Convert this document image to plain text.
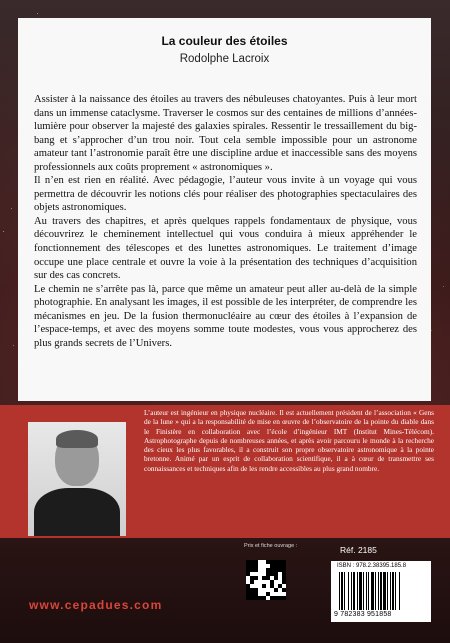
La couleur des étoiles
Rodolphe Lacroix

Assister à la naissance des étoiles au travers des nébuleuses chatoyantes. Puis à leur mort dans un immense cataclysme. Traverser le cosmos sur des centaines de millions d’années-lumière pour observer la majesté des galaxies spirales. Ressentir le tressaillement du big-bang et s’approcher d’un trou noir. Tout cela semble impossible pour un astronome amateur tant l’astronomie paraît être une discipline ardue et inaccessible sans des moyens professionnels aux coûts proprement « astronomiques ».

Il n’en est rien en réalité. Avec pédagogie, l’auteur vous invite à un voyage qui vous permettra de découvrir les notions clés pour réaliser des photographies spectaculaires des objets astronomiques.

Au travers des chapitres, et après quelques rappels fondamentaux de physique, vous découvrirez le cheminement intellectuel qui vous conduira à mieux appréhender le fonctionnement des télescopes et des lunettes astronomiques. Le traitement d’image occupe une place centrale et ouvre la voie à la présentation des techniques d’acquisition sur des cas concrets.

Le chemin ne s’arrête pas là, parce que même un amateur peut aller au-delà de la simple photographie. En analysant les images, il est possible de les interpréter, de comprendre les mécanismes en jeu. De la fusion thermonucléaire au cœur des étoiles à l’expansion de l’espace-temps, et avec des moyens somme toute modestes, vous vous approcherez des plus grands secrets de l’Univers.

L’auteur est ingénieur en physique nucléaire. Il est actuellement président de l’association « Gens de la lune » qui a la responsabilité de mise en œuvre de l’observatoire de la pointe du diable dans le Finistère en collaboration avec l’école d’ingénieur IMT (Institut Mines-Télécom). Astrophotographe depuis de nombreuses années, et après avoir parcouru le monde à la recherche des cieux les plus favorables, il a construit son propre observatoire astronomique à la pointe bretonne. Animé par un esprit de collaboration scientifique, il a à cœur de transmettre ses connaissances et techniques afin de les rendre accessibles au plus grand nombre.
Prix et fiche ouvrage :	Réf. 2185
ISBN : 978.2.38395.185.8
9 782383 951858
www.cepadues.com
